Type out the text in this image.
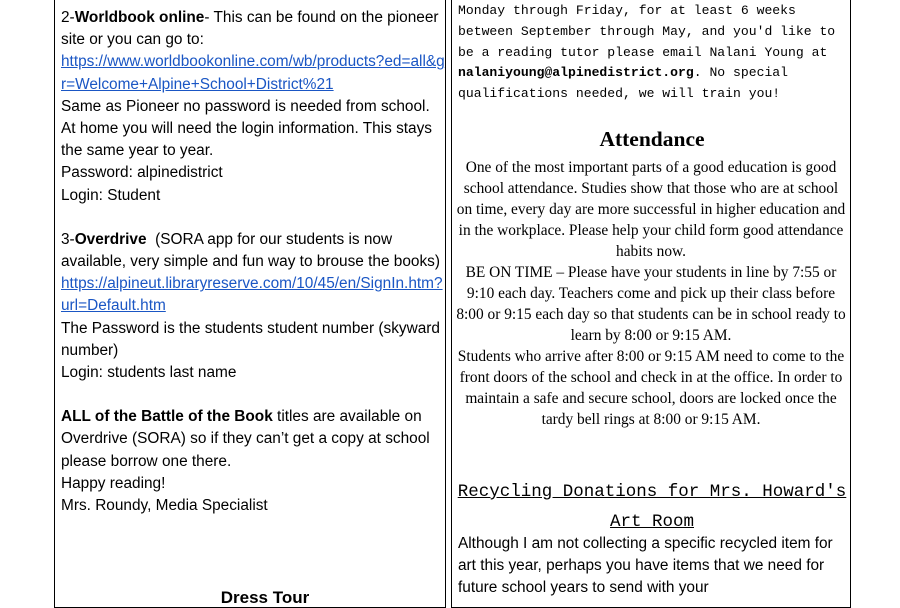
2-Worldbook online- This can be found on the pioneer site or you can go to:

https://www.worldbookonline.com/wb/products?ed=all&gr=Welcome+Alpine+School+District%21

Same as Pioneer no password is needed from school.

At home you will need the login information. This stays the same year to year.

Password: alpinedistrict

Login: Student

3-Overdrive  (SORA app for our students is now available, very simple and fun way to brouse the books)

https://alpineut.libraryreserve.com/10/45/en/SignIn.htm?url=Default.htm

The Password is the students student number (skyward number)

Login: students last name

ALL of the Battle of the Book titles are available on Overdrive (SORA) so if they can’t get a copy at school please borrow one there.

Happy reading!

Mrs. Roundy, Media Specialist

Dress Tour

Monday through Friday, for at least 6 weeks between September through May, and you'd like to be a reading tutor please email Nalani Young at nalaniyoung@alpinedistrict.org. No special qualifications needed, we will train you!

Attendance

One of the most important parts of a good education is good school attendance. Studies show that those who are at school on time, every day are more successful in higher education and in the workplace. Please help your child form good attendance habits now.

BE ON TIME – Please have your students in line by 7:55 or 9:10 each day. Teachers come and pick up their class before 8:00 or 9:15 each day so that students can be in school ready to learn by 8:00 or 9:15 AM.

Students who arrive after 8:00 or 9:15 AM need to come to the front doors of the school and check in at the office. In order to maintain a safe and secure school, doors are locked once the tardy bell rings at 8:00 or 9:15 AM.

Recycling Donations for Mrs. Howard's Art Room

Although I am not collecting a specific recycled item for art this year, perhaps you have items that we need for future school years to send with your
